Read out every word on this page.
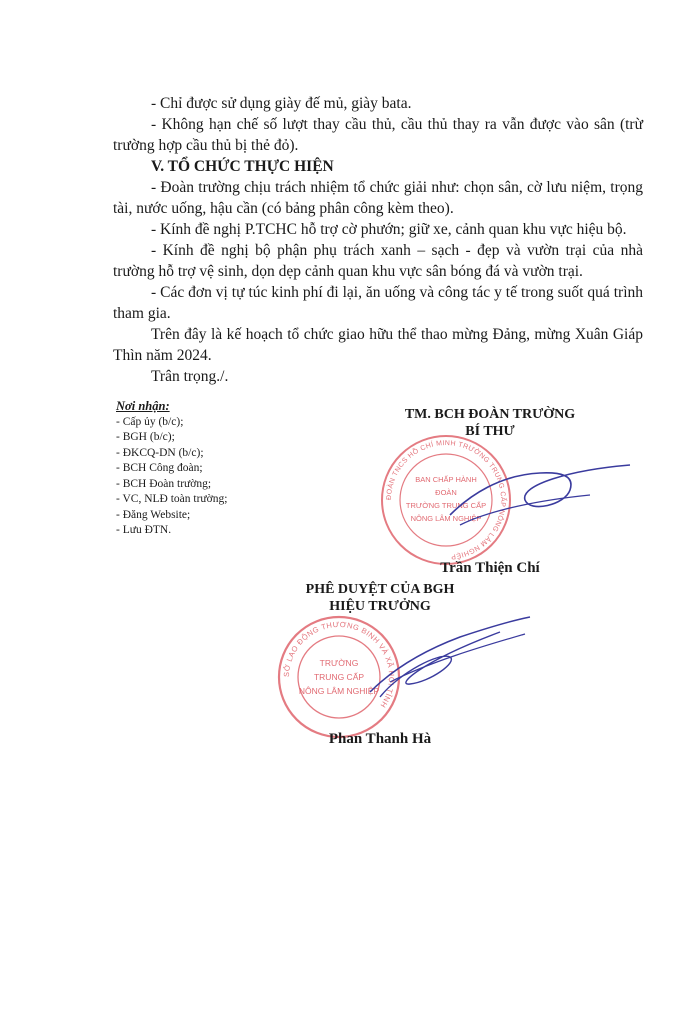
- Chỉ được sử dụng giày đế mủ, giày bata.

- Không hạn chế số lượt thay cầu thủ, cầu thủ thay ra vẫn được vào sân (trừ trường hợp cầu thủ bị thẻ đỏ).

V. TỔ CHỨC THỰC HIỆN

- Đoàn trường chịu trách nhiệm tổ chức giải như: chọn sân, cờ lưu niệm, trọng tài, nước uống, hậu cần (có bảng phân công kèm theo).

- Kính đề nghị P.TCHC hỗ trợ cờ phướn; giữ xe, cảnh quan khu vực hiệu bộ.

- Kính đề nghị bộ phận phụ trách xanh – sạch - đẹp và vườn trại của nhà trường hỗ trợ vệ sinh, dọn dẹp cảnh quan khu vực sân bóng đá và vườn trại.

- Các đơn vị tự túc kinh phí đi lại, ăn uống và công tác y tế trong suốt quá trình tham gia.

Trên đây là kế hoạch tổ chức giao hữu thể thao mừng Đảng, mừng Xuân Giáp Thìn năm 2024.

Trân trọng./.

Nơi nhận:

- Cấp ủy (b/c);

- BGH (b/c);

- ĐKCQ-DN (b/c);

- BCH Công đoàn;

- BCH Đoàn trường;

- VC, NLĐ toàn trường;

- Đăng Website;

- Lưu ĐTN.

TM. BCH ĐOÀN TRƯỜNG
BÍ THƯ
ĐOÀN TNCS HỒ CHÍ MINH TRƯỜNG TRUNG CẤP NÔNG LÂM NGHIỆP
BAN CHẤP HÀNH
ĐOÀN
TRƯỜNG TRUNG CẤP
NÔNG LÂM NGHIỆP
Trần Thiện Chí
PHÊ DUYỆT CỦA BGH
HIỆU TRƯỞNG
SỞ LAO ĐỘNG THƯƠNG BINH VÀ XÃ HỘI TỈNH
TRƯỜNG
TRUNG CẤP
NÔNG LÂM NGHIỆP
Phan Thanh Hà
